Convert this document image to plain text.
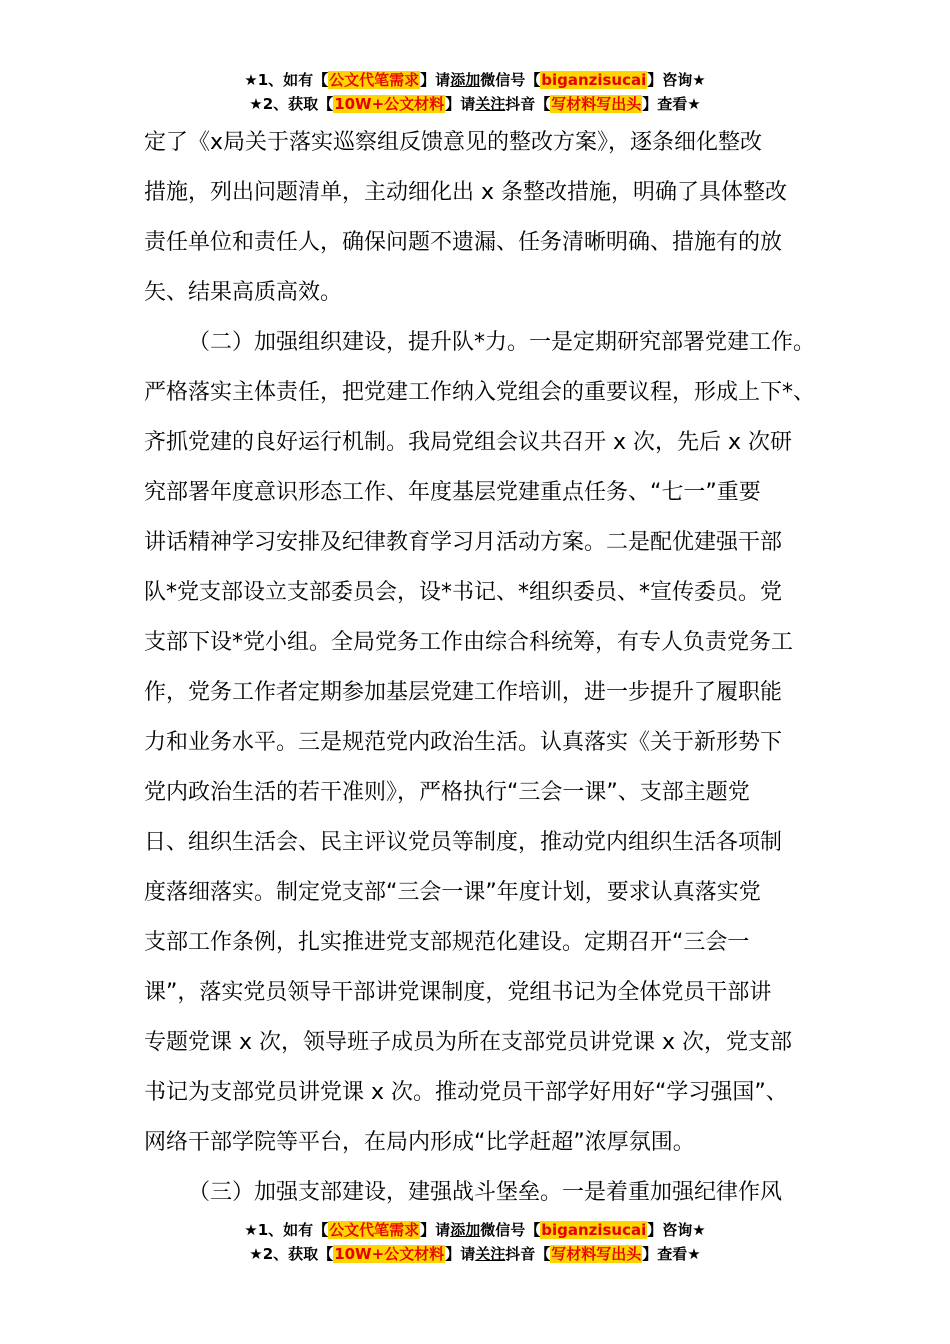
★1、如有【公文代笔需求】请添加微信号【biganzisucai】咨询★
★2、获取【10W+公文材料】请关注抖音【写材料写出头】查看★
定了《x局关于落实巡察组反馈意见的整改方案》，逐条细化整改
措施，列出问题清单，主动细化出 x 条整改措施，明确了具体整改
责任单位和责任人，确保问题不遗漏、任务清晰明确、措施有的放
矢、结果高质高效。
（二）加强组织建设，提升队*力。一是定期研究部署党建工作。
严格落实主体责任，把党建工作纳入党组会的重要议程，形成上下*、
齐抓党建的良好运行机制。我局党组会议共召开 x 次，先后 x 次研
究部署年度意识形态工作、年度基层党建重点任务、“七一”重要
讲话精神学习安排及纪律教育学习月活动方案。二是配优建强干部
队*党支部设立支部委员会，设*书记、*组织委员、*宣传委员。党
支部下设*党小组。全局党务工作由综合科统筹，有专人负责党务工
作，党务工作者定期参加基层党建工作培训，进一步提升了履职能
力和业务水平。三是规范党内政治生活。认真落实《关于新形势下
党内政治生活的若干准则》，严格执行“三会一课”、支部主题党
日、组织生活会、民主评议党员等制度，推动党内组织生活各项制
度落细落实。制定党支部“三会一课”年度计划，要求认真落实党
支部工作条例，扎实推进党支部规范化建设。定期召开“三会一
课”，落实党员领导干部讲党课制度，党组书记为全体党员干部讲
专题党课 x 次，领导班子成员为所在支部党员讲党课 x 次，党支部
书记为支部党员讲党课 x 次。推动党员干部学好用好“学习强国”、
网络干部学院等平台，在局内形成“比学赶超”浓厚氛围。
（三）加强支部建设，建强战斗堡垒。一是着重加强纪律作风
★1、如有【公文代笔需求】请添加微信号【biganzisucai】咨询★
★2、获取【10W+公文材料】请关注抖音【写材料写出头】查看★
